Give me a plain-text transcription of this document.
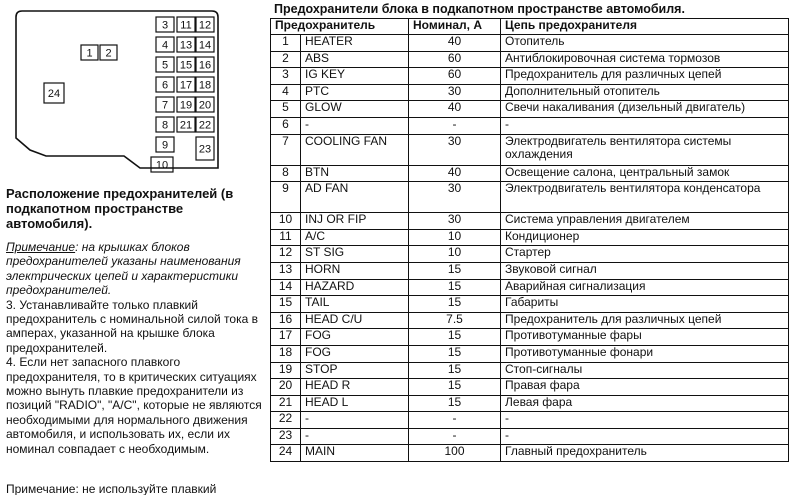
1 2
3
4
5
6
7
8
9
10
11 12
13 14
15 16
17 18
19 20
21 22
23
24
Расположение предохранителей (в подкапотном пространстве автомобиля).

Примечание: на крышках блоков предохранителей указаны наименования электрических цепей и характеристики предохранителей.

3. Устанавливайте только плавкий предохранитель с номинальной силой тока в амперах, указанной на крышке блока предохранителей.

4. Если нет запасного плавкого предохранителя, то в критических ситуациях можно вынуть плавкие предохранители из позиций "RADIO", "A/C", которые не являются необходимыми для нормального движения автомобиля, и использовать их, если их номинал совпадает с необходимым.

Примечание: не используйте плавкий
Предохранители блока в подкапотном пространстве автомобиля.
Предохранитель		Номинал, А	Цепь предохранителя
1	HEATER	40	Отопитель
2	ABS	60	Антиблокировочная система тормозов
3	IG KEY	60	Предохранитель для различных цепей
4	PTC	30	Дополнительный отопитель
5	GLOW	40	Свечи накаливания (дизельный двигатель)
6	-	-	-
7	COOLING FAN	30	Электродвигатель вентилятора системы охлаждения
8	BTN	40	Освещение салона, центральный замок
9	AD FAN	30	Электродвигатель вентилятора конденсатора
10	INJ OR FIP	30	Система управления двигателем
11	A/C	10	Кондиционер
12	ST SIG	10	Стартер
13	HORN	15	Звуковой сигнал
14	HAZARD	15	Аварийная сигнализация
15	TAIL	15	Габариты
16	HEAD C/U	7.5	Предохранитель для различных цепей
17	FOG	15	Противотуманные фары
18	FOG	15	Противотуманные фонари
19	STOP	15	Стоп-сигналы
20	HEAD R	15	Правая фара
21	HEAD L	15	Левая фара
22	-	-	-
23	-	-	-
24	MAIN	100	Главный предохранитель
